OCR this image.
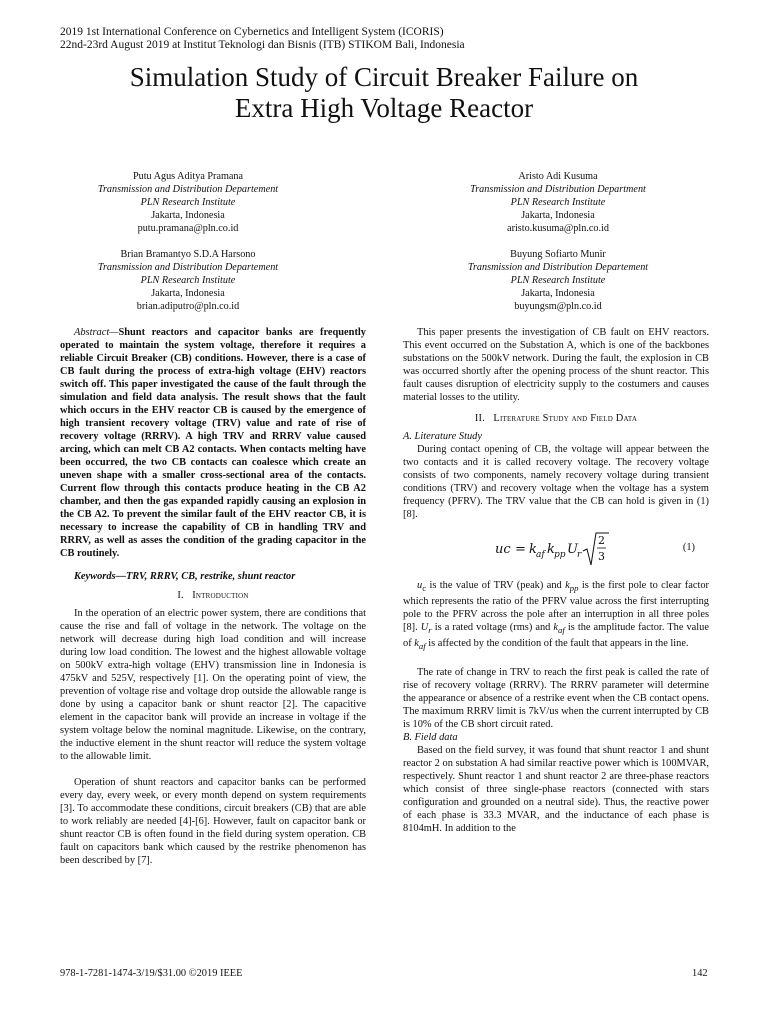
2019 1st International Conference on Cybernetics and Intelligent System (ICORIS)
22nd-23rd August 2019 at Institut Teknologi dan Bisnis (ITB) STIKOM Bali, Indonesia
Simulation Study of Circuit Breaker Failure on
Extra High Voltage Reactor
Putu Agus Aditya Pramana
Transmission and Distribution Departement
PLN Research Institute
Jakarta, Indonesia
putu.pramana@pln.co.id
Aristo Adi Kusuma
Transmission and Distribution Department
PLN Research Institute
Jakarta, Indonesia
aristo.kusuma@pln.co.id
Brian Bramantyo S.D.A Harsono
Transmission and Distribution Departement
PLN Research Institute
Jakarta, Indonesia
brian.adiputro@pln.co.id
Buyung Sofiarto Munir
Transmission and Distribution Departement
PLN Research Institute
Jakarta, Indonesia
buyungsm@pln.co.id

Abstract—Shunt reactors and capacitor banks are frequently operated to maintain the system voltage, therefore it requires a reliable Circuit Breaker (CB) conditions. However, there is a case of CB fault during the process of extra-high voltage (EHV) reactors switch off. This paper investigated the cause of the fault through the simulation and field data analysis. The result shows that the fault which occurs in the EHV reactor CB is caused by the emergence of high transient recovery voltage (TRV) value and rate of rise of recovery voltage (RRRV). A high TRV and RRRV value caused arcing, which can melt CB A2 contacts. When contacts melting have been occurred, the two CB contacts can coalesce which create an uneven shape with a smaller cross-sectional area of the contacts. Current flow through this contacts produce heating in the CB A2 chamber, and then the gas expanded rapidly causing an explosion in the CB A2. To prevent the similar fault of the EHV reactor CB, it is necessary to increase the capability of CB in handling TRV and RRRV, as well as asses the condition of the grading capacitor in the CB routinely.

Keywords—TRV, RRRV, CB, restrike, shunt reactor

I. Introduction

In the operation of an electric power system, there are conditions that cause the rise and fall of voltage in the network. The voltage on the network will decrease during high load condition and will increase during low load condition. The lowest and the highest allowable voltage on 500kV extra-high voltage (EHV) transmission line in Indonesia is 475kV and 525V, respectively [1]. On the operating point of view, the prevention of voltage rise and voltage drop outside the allowable range is done by using a capacitor bank or shunt reactor [2]. The capacitive element in the capacitor bank will provide an increase in voltage if the system voltage below the nominal magnitude. Likewise, on the contrary, the inductive element in the shunt reactor will reduce the system voltage to the allowable limit.

Operation of shunt reactors and capacitor banks can be performed every day, every week, or every month depend on system requirements [3]. To accommodate these conditions, circuit breakers (CB) that are able to work reliably are needed [4]-[6]. However, fault on capacitor bank or shunt reactor CB is often found in the field during system operation. CB fault on capacitors bank which caused by the restrike phenomenon has been described by [7].

This paper presents the investigation of CB fault on EHV reactors. This event occurred on the Substation A, which is one of the backbones substations on the 500kV network. During the fault, the explosion in CB was occurred shortly after the opening process of the shunt reactor. This fault causes disruption of electricity supply to the costumers and causes material losses to the utility.

II. Literature Study and Field Data

A. Literature Study

During contact opening of CB, the voltage will appear between the two contacts and it is called recovery voltage. The recovery voltage consists of two components, namely recovery voltage during transient conditions (TRV) and recovery voltage when the voltage has a system frequency (PFRV). The TRV value that the CB can hold is given in (1) [8].

uc = k af k pp U r
2
3
(1)

$u_c$ is the value of TRV (peak) and $k_{pp}$ is the first pole to clear factor which represents the ratio of the PFRV value across the first interrupting pole to the PFRV across the pole after an interruption in all three poles [8]. $U_r$ is a rated voltage (rms) and $k_{af}$ is the amplitude factor. The value of $k_{af}$ is affected by the condition of the fault that appears in the line.

The rate of change in TRV to reach the first peak is called the rate of rise of recovery voltage (RRRV). The RRRV parameter will determine the appearance or absence of a restrike event when the CB contact opens. The maximum RRRV limit is 7kV/us when the current interrupted by CB is 10% of the CB short circuit rated.

B. Field data

Based on the field survey, it was found that shunt reactor 1 and shunt reactor 2 on substation A had similar reactive power which is 100MVAR, respectively. Shunt reactor 1 and shunt reactor 2 are three-phase reactors which consist of three single-phase reactors (connected with stars configuration and grounded on a neutral side). Thus, the reactive power of each phase is 33.3 MVAR, and the inductance of each phase is 8104mH. In addition to the

978-1-7281-1474-3/19/$31.00 ©2019 IEEE	142
